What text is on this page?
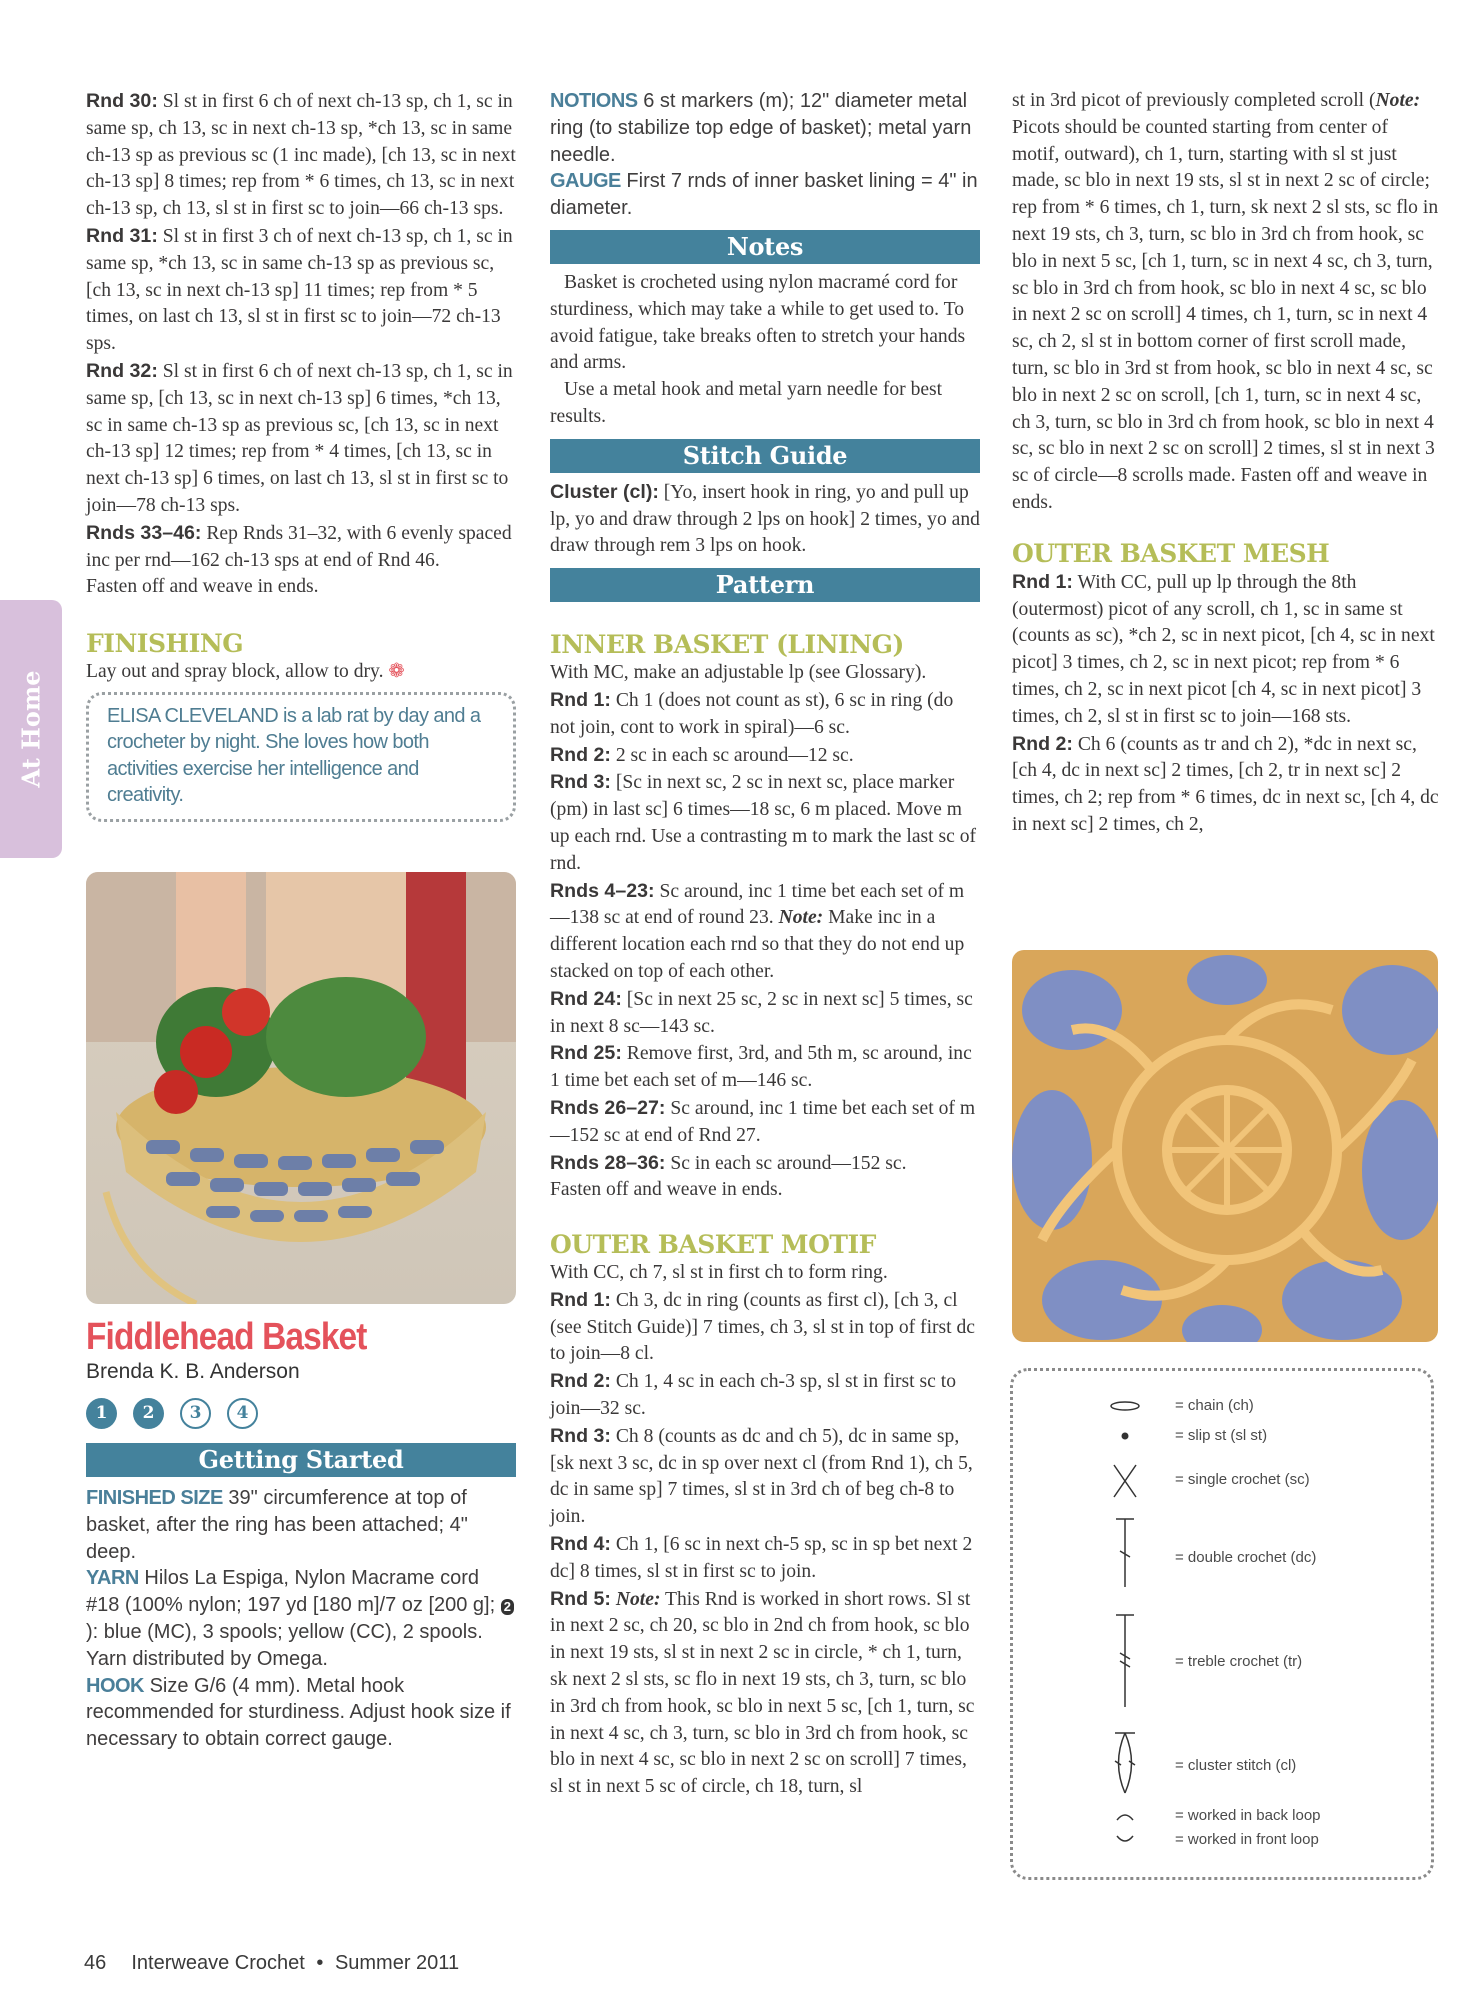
At Home

Rnd 30: Sl st in first 6 ch of next ch-13 sp, ch 1, sc in same sp, ch 13, sc in next ch-13 sp, *ch 13, sc in same ch-13 sp as previous sc (1 inc made), [ch 13, sc in next ch-13 sp] 8 times; rep from * 6 times, ch 13, sc in next ch-13 sp, ch 13, sl st in first sc to join—66 ch-13 sps.

Rnd 31: Sl st in first 3 ch of next ch-13 sp, ch 1, sc in same sp, *ch 13, sc in same ch-13 sp as previous sc, [ch 13, sc in next ch-13 sp] 11 times; rep from * 5 times, on last ch 13, sl st in first sc to join—72 ch-13 sps.

Rnd 32: Sl st in first 6 ch of next ch-13 sp, ch 1, sc in same sp, [ch 13, sc in next ch-13 sp] 6 times, *ch 13, sc in same ch-13 sp as previous sc, [ch 13, sc in next ch-13 sp] 12 times; rep from * 4 times, [ch 13, sc in next ch-13 sp] 6 times, on last ch 13, sl st in first sc to join—78 ch-13 sps.

Rnds 33–46: Rep Rnds 31–32, with 6 evenly spaced inc per rnd—162 ch-13 sps at end of Rnd 46.

Fasten off and weave in ends.

FINISHING

Lay out and spray block, allow to dry. ❁

ELISA CLEVELAND is a lab rat by day and a crocheter by night. She loves how both activities exercise her intelligence and creativity.
Fiddlehead Basket

Brenda K. B. Anderson

1	2	3	4
Getting Started

FINISHED SIZE 39" circumference at top of basket, after the ring has been attached; 4" deep.

YARN Hilos La Espiga, Nylon Macrame cord #18 (100% nylon; 197 yd [180 m]/7 oz [200 g]; 2): blue (MC), 3 spools; yellow (CC), 2 spools. Yarn distributed by Omega.

HOOK Size G/6 (4 mm). Metal hook recommended for sturdiness. Adjust hook size if necessary to obtain correct gauge.

NOTIONS 6 st markers (m); 12" diameter metal ring (to stabilize top edge of basket); metal yarn needle.

GAUGE First 7 rnds of inner basket lining = 4" in diameter.

Notes

Basket is crocheted using nylon macramé cord for sturdiness, which may take a while to get used to. To avoid fatigue, take breaks often to stretch your hands and arms.

Use a metal hook and metal yarn needle for best results.

Stitch Guide

Cluster (cl): [Yo, insert hook in ring, yo and pull up lp, yo and draw through 2 lps on hook] 2 times, yo and draw through rem 3 lps on hook.

Pattern
INNER BASKET (LINING)

With MC, make an adjustable lp (see Glossary).

Rnd 1: Ch 1 (does not count as st), 6 sc in ring (do not join, cont to work in spiral)—6 sc.

Rnd 2: 2 sc in each sc around—12 sc.

Rnd 3: [Sc in next sc, 2 sc in next sc, place marker (pm) in last sc] 6 times—18 sc, 6 m placed. Move m up each rnd. Use a contrasting m to mark the last sc of rnd.

Rnds 4–23: Sc around, inc 1 time bet each set of m—138 sc at end of round 23. Note: Make inc in a different location each rnd so that they do not end up stacked on top of each other.

Rnd 24: [Sc in next 25 sc, 2 sc in next sc] 5 times, sc in next 8 sc—143 sc.

Rnd 25: Remove first, 3rd, and 5th m, sc around, inc 1 time bet each set of m—146 sc.

Rnds 26–27: Sc around, inc 1 time bet each set of m—152 sc at end of Rnd 27.

Rnds 28–36: Sc in each sc around—152 sc.

Fasten off and weave in ends.

OUTER BASKET MOTIF

With CC, ch 7, sl st in first ch to form ring.

Rnd 1: Ch 3, dc in ring (counts as first cl), [ch 3, cl (see Stitch Guide)] 7 times, ch 3, sl st in top of first dc to join—8 cl.

Rnd 2: Ch 1, 4 sc in each ch-3 sp, sl st in first sc to join—32 sc.

Rnd 3: Ch 8 (counts as dc and ch 5), dc in same sp, [sk next 3 sc, dc in sp over next cl (from Rnd 1), ch 5, dc in same sp] 7 times, sl st in 3rd ch of beg ch-8 to join.

Rnd 4: Ch 1, [6 sc in next ch-5 sp, sc in sp bet next 2 dc] 8 times, sl st in first sc to join.

Rnd 5: Note: This Rnd is worked in short rows. Sl st in next 2 sc, ch 20, sc blo in 2nd ch from hook, sc blo in next 19 sts, sl st in next 2 sc in circle, * ch 1, turn, sk next 2 sl sts, sc flo in next 19 sts, ch 3, turn, sc blo in 3rd ch from hook, sc blo in next 5 sc, [ch 1, turn, sc in next 4 sc, ch 3, turn, sc blo in 3rd ch from hook, sc blo in next 4 sc, sc blo in next 2 sc on scroll] 7 times, sl st in next 5 sc of circle, ch 18, turn, sl

st in 3rd picot of previously completed scroll (Note: Picots should be counted starting from center of motif, outward), ch 1, turn, starting with sl st just made, sc blo in next 19 sts, sl st in next 2 sc of circle; rep from * 6 times, ch 1, turn, sk next 2 sl sts, sc flo in next 19 sts, ch 3, turn, sc blo in 3rd ch from hook, sc blo in next 5 sc, [ch 1, turn, sc in next 4 sc, ch 3, turn, sc blo in 3rd ch from hook, sc blo in next 4 sc, sc blo in next 2 sc on scroll] 4 times, ch 1, turn, sc in next 4 sc, ch 2, sl st in bottom corner of first scroll made, turn, sc blo in 3rd st from hook, sc blo in next 4 sc, sc blo in next 2 sc on scroll, [ch 1, turn, sc in next 4 sc, ch 3, turn, sc blo in 3rd ch from hook, sc blo in next 4 sc, sc blo in next 2 sc on scroll] 2 times, sl st in next 3 sc of circle—8 scrolls made. Fasten off and weave in ends.

OUTER BASKET MESH

Rnd 1: With CC, pull up lp through the 8th (outermost) picot of any scroll, ch 1, sc in same st (counts as sc), *ch 2, sc in next picot, [ch 4, sc in next picot] 3 times, ch 2, sc in next picot; rep from * 6 times, ch 2, sc in next picot [ch 4, sc in next picot] 3 times, ch 2, sl st in first sc to join—168 sts.

Rnd 2: Ch 6 (counts as tr and ch 2), *dc in next sc, [ch 4, dc in next sc] 2 times, [ch 2, tr in next sc] 2 times, ch 2; rep from * 6 times, dc in next sc, [ch 4, dc in next sc] 2 times, ch 2,

= chain (ch)
= slip st (sl st)
= single crochet (sc)
= double crochet (dc)
= treble crochet (tr)
= cluster stitch (cl)
= worked in back loop
= worked in front loop
46 Interweave Crochet • Summer 2011
